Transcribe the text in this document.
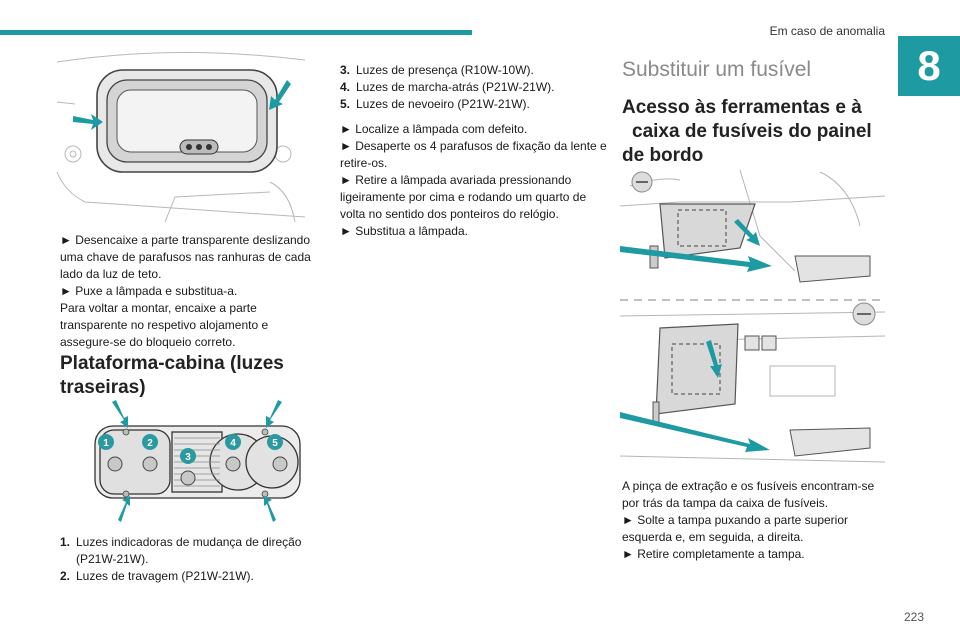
Em caso de anomalia
8

► Desencaixe a parte transparente deslizando uma chave de parafusos nas ranhuras de cada lado da luz de teto.

► Puxe a lâmpada e substitua-a.

Para voltar a montar, encaixe a parte transparente no respetivo alojamento e assegure-se do bloqueio correto.

Plataforma-cabina (luzes traseiras)
1	2
3
4	5
1. Luzes indicadoras de mudança de direção (P21W-21W).
2. Luzes de travagem (P21W-21W).
3. Luzes de presença (R10W-10W).
4. Luzes de marcha-atrás (P21W-21W).
5. Luzes de nevoeiro (P21W-21W).

► Localize a lâmpada com defeito.

► Desaperte os 4 parafusos de fixação da lente e retire-os.

► Retire a lâmpada avariada pressionando ligeiramente por cima e rodando um quarto de volta no sentido dos ponteiros do relógio.

► Substitua a lâmpada.

Substituir um fusível
Acesso às ferramentas e à
caixa de fusíveis do painel
de bordo

A pinça de extração e os fusíveis encontram-se por trás da tampa da caixa de fusíveis.

► Solte a tampa puxando a parte superior esquerda e, em seguida, a direita.

► Retire completamente a tampa.

223
